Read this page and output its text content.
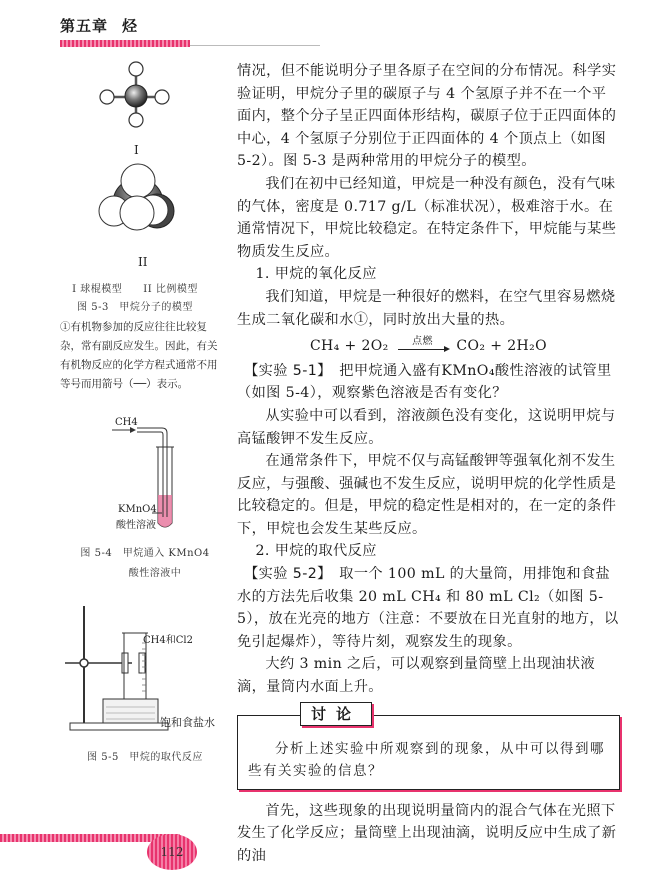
第五章 烃
I
II
I 球棍模型　　II 比例模型
图 5-3　甲烷分子的模型
①有机物参加的反应往往比较复杂，常有副反应发生。因此，有关有机物反应的化学方程式通常不用等号而用箭号（──）表示。
CH4
KMnO4
酸性溶液
图 5-4　甲烷通入 KMnO4
酸性溶液中
CH4和Cl2
饱和食盐水
图 5-5　甲烷的取代反应

情况，但不能说明分子里各原子在空间的分布情况。科学实验证明，甲烷分子里的碳原子与 4 个氢原子并不在一个平面内，整个分子呈正四面体形结构，碳原子位于正四面体的中心，4 个氢原子分别位于正四面体的 4 个顶点上（如图 5-2）。图 5-3 是两种常用的甲烷分子的模型。

我们在初中已经知道，甲烷是一种没有颜色，没有气味的气体，密度是 0.717 g/L（标准状况），极难溶于水。在通常情况下，甲烷比较稳定。在特定条件下，甲烷能与某些物质发生反应。

1. 甲烷的氧化反应

我们知道，甲烷是一种很好的燃料，在空气里容易燃烧生成二氧化碳和水①，同时放出大量的热。

CH₄ + 2O₂	点燃	CO₂ + 2H₂O

【实验 5-1】　把甲烷通入盛有KMnO₄酸性溶液的试管里（如图 5-4），观察紫色溶液是否有变化？

从实验中可以看到，溶液颜色没有变化，这说明甲烷与高锰酸钾不发生反应。

在通常条件下，甲烷不仅与高锰酸钾等强氧化剂不发生反应，与强酸、强碱也不发生反应，说明甲烷的化学性质是比较稳定的。但是，甲烷的稳定性是相对的，在一定的条件下，甲烷也会发生某些反应。

2. 甲烷的取代反应

【实验 5-2】　取一个 100 mL 的大量筒，用排饱和食盐水的方法先后收集 20 mL CH₄ 和 80 mL Cl₂（如图 5-5），放在光亮的地方（注意：不要放在日光直射的地方，以免引起爆炸），等待片刻，观察发生的现象。

大约 3 min 之后，可以观察到量筒壁上出现油状液滴，量筒内水面上升。

讨论

分析上述实验中所观察到的现象，从中可以得到哪些有关实验的信息？

首先，这些现象的出现说明量筒内的混合气体在光照下发生了化学反应；量筒壁上出现油滴，说明反应中生成了新的油

112
